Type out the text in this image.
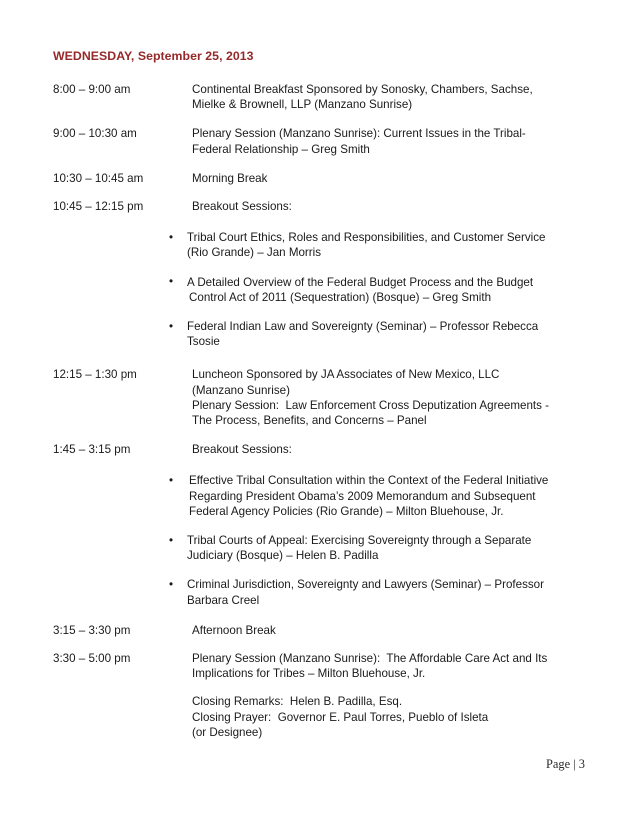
WEDNESDAY, September 25, 2013
8:00 – 9:00 am	Continental Breakfast Sponsored by Sonosky, Chambers, Sachse,
Mielke & Brownell, LLP (Manzano Sunrise)
9:00 – 10:30 am	Plenary Session (Manzano Sunrise): Current Issues in the Tribal-
Federal Relationship – Greg Smith
10:30 – 10:45 am	Morning Break
10:45 – 12:15 pm	Breakout Sessions:
• Tribal Court Ethics, Roles and Responsibilities, and Customer Service
(Rio Grande) – Jan Morris
• A Detailed Overview of the Federal Budget Process and the Budget
Control Act of 2011 (Sequestration) (Bosque) – Greg Smith
• Federal Indian Law and Sovereignty (Seminar) – Professor Rebecca
Tsosie
12:15 – 1:30 pm	Luncheon Sponsored by JA Associates of New Mexico, LLC
(Manzano Sunrise)
Plenary Session:  Law Enforcement Cross Deputization Agreements -
The Process, Benefits, and Concerns – Panel
1:45 – 3:15 pm	Breakout Sessions:
• Effective Tribal Consultation within the Context of the Federal Initiative
Regarding President Obama’s 2009 Memorandum and Subsequent
Federal Agency Policies (Rio Grande) – Milton Bluehouse, Jr.
• Tribal Courts of Appeal: Exercising Sovereignty through a Separate
Judiciary (Bosque) – Helen B. Padilla
• Criminal Jurisdiction, Sovereignty and Lawyers (Seminar) – Professor
Barbara Creel
3:15 – 3:30 pm	Afternoon Break
3:30 – 5:00 pm	Plenary Session (Manzano Sunrise):  The Affordable Care Act and Its
Implications for Tribes – Milton Bluehouse, Jr.
Closing Remarks:  Helen B. Padilla, Esq.
Closing Prayer:  Governor E. Paul Torres, Pueblo of Isleta
(or Designee)
Page | 3
